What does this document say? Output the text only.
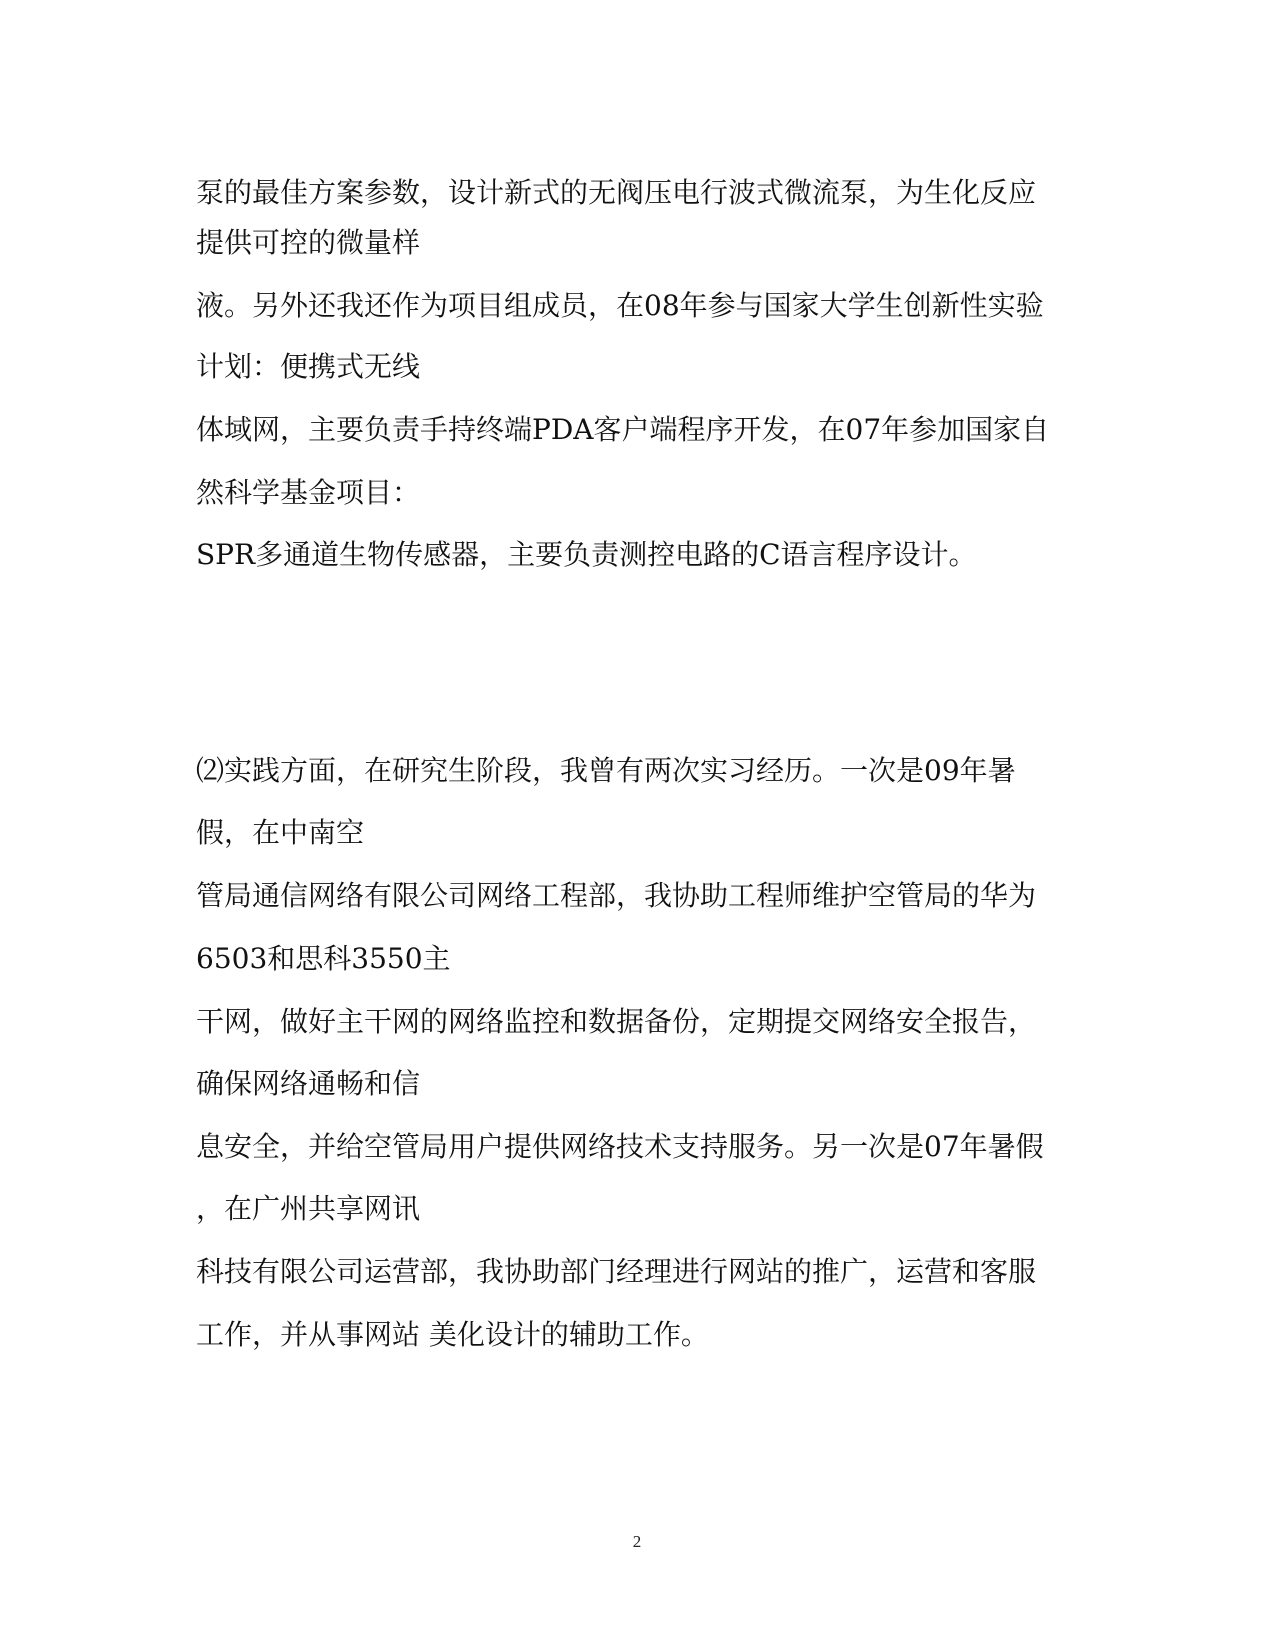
泵的最佳方案参数，设计新式的无阀压电行波式微流泵，为生化反应
提供可控的微量样
液。另外还我还作为项目组成员，在08年参与国家大学生创新性实验
计划：便携式无线
体域网，主要负责手持终端PDA客户端程序开发，在07年参加国家自
然科学基金项目：
SPR多通道生物传感器，主要负责测控电路的C语言程序设计。
⑵实践方面，在研究生阶段，我曾有两次实习经历。一次是09年暑
假，在中南空
管局通信网络有限公司网络工程部，我协助工程师维护空管局的华为
6503和思科3550主
干网，做好主干网的网络监控和数据备份，定期提交网络安全报告，
确保网络通畅和信
息安全，并给空管局用户提供网络技术支持服务。另一次是07年暑假
，在广州共享网讯
科技有限公司运营部，我协助部门经理进行网站的推广，运营和客服
工作，并从事网站 美化设计的辅助工作。
2
